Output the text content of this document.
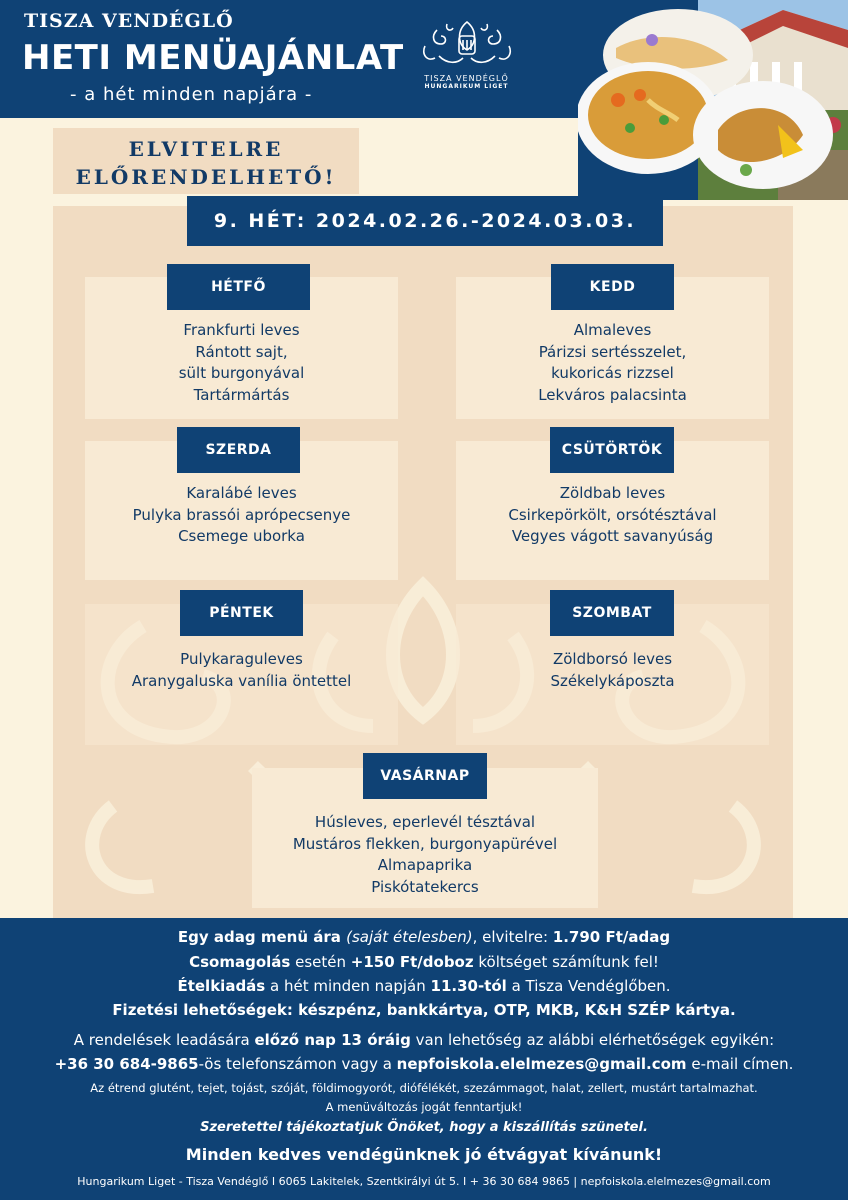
TISZA VENDÉGLŐ
HETI MENÜAJÁNLAT
- a hét minden napjára -
TISZA VENDÉGLŐ
HUNGARIKUM LIGET
ELVITELRE
ELŐRENDELHETŐ!
9. HÉT: 2024.02.26.-2024.03.03.
Frankfurti leves
Rántott sajt,
sült burgonyával
Tartármártás
HÉTFŐ
Almaleves
Párizsi sertésszelet,
kukoricás rizzsel
Lekváros palacsinta
KEDD
Karalábé leves
Pulyka brassói aprópecsenye
Csemege uborka
SZERDA
Zöldbab leves
Csirkepörkölt, orsótésztával
Vegyes vágott savanyúság
CSÜTÖRTÖK
Pulykaraguleves
Aranygaluska vanília öntettel
PÉNTEK
Zöldborsó leves
Székelykáposzta
SZOMBAT
Húsleves, eperlevél tésztával
Mustáros flekken, burgonyapürével
Almapaprika
Piskótatekercs
VASÁRNAP
Egy adag menü ára (saját ételesben), elvitelre: 1.790 Ft/adag
Csomagolás esetén +150 Ft/doboz költséget számítunk fel!
Ételkiadás a hét minden napján 11.30-tól a Tisza Vendéglőben.
Fizetési lehetőségek: készpénz, bankkártya, OTP, MKB, K&H SZÉP kártya.
A rendelések leadására előző nap 13 óráig van lehetőség az alábbi elérhetőségek egyikén:
+36 30 684-9865-ös telefonszámon vagy a nepfoiskola.elelmezes@gmail.com e-mail címen.
Az étrend glutént, tejet, tojást, szóját, földimogyorót, diófélékét, szezámmagot, halat, zellert, mustárt tartalmazhat.
A menüváltozás jogát fenntartjuk!
Szeretettel tájékoztatjuk Önöket, hogy a kiszállítás szünetel.
Minden kedves vendégünknek jó étvágyat kívánunk!
Hungarikum Liget - Tisza Vendéglő I 6065 Lakitelek, Szentkirályi út 5. I + 36 30 684 9865 | nepfoiskola.elelmezes@gmail.com
